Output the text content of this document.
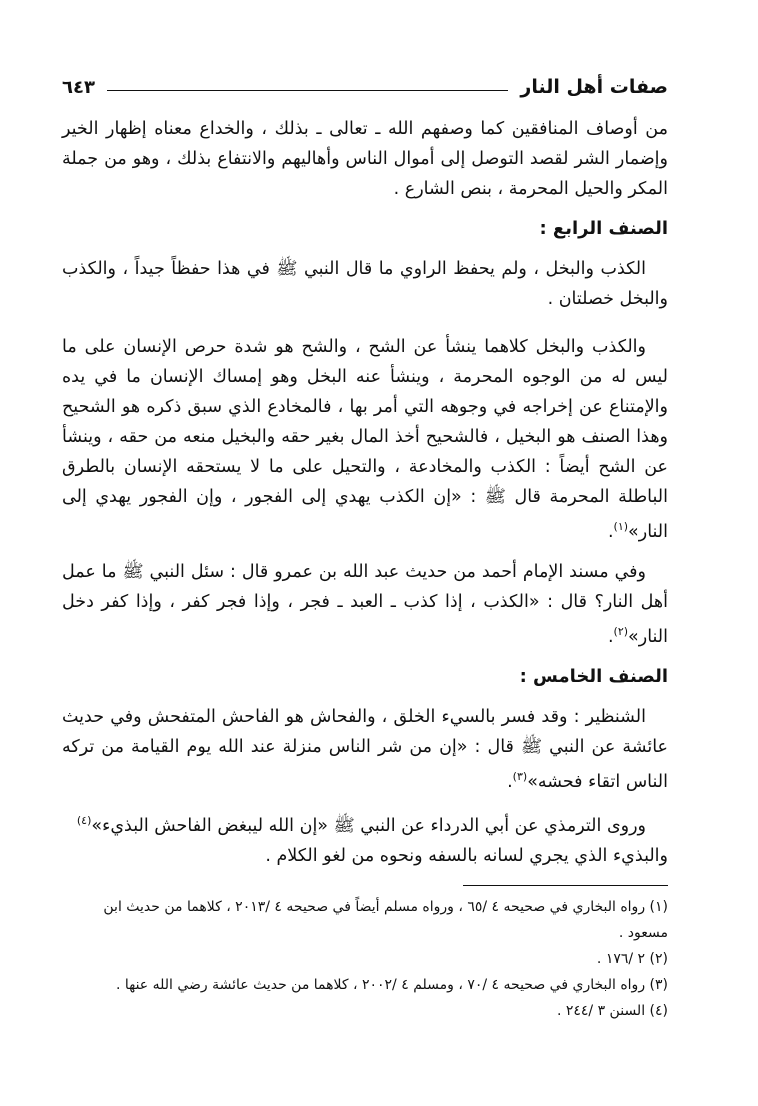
صفات أهل النار
٦٤٣

من أوصاف المنافقين كما وصفهم الله ـ تعالى ـ بذلك ، والخداع معناه إظهار الخير وإضمار الشر لقصد التوصل إلى أموال الناس وأهاليهم والانتفاع بذلك ، وهو من جملة المكر والحيل المحرمة ، بنص الشارع .

الصنف الرابع :

الكذب والبخل ، ولم يحفظ الراوي ما قال النبي ﷺ في هذا حفظاً جيداً ، والكذب والبخل خصلتان .

والكذب والبخل كلاهما ينشأ عن الشح ، والشح هو شدة حرص الإنسان على ما ليس له من الوجوه المحرمة ، وينشأ عنه البخل وهو إمساك الإنسان ما في يده والإمتناع عن إخراجه في وجوهه التي أمر بها ، فالمخادع الذي سبق ذكره هو الشحيح وهذا الصنف هو البخيل ، فالشحيح أخذ المال بغير حقه والبخيل منعه من حقه ، وينشأ عن الشح أيضاً : الكذب والمخادعة ، والتحيل على ما لا يستحقه الإنسان بالطرق الباطلة المحرمة قال ﷺ : «إن الكذب يهدي إلى الفجور ، وإن الفجور يهدي إلى النار»$^{(١)}$.

وفي مسند الإمام أحمد من حديث عبد الله بن عمرو قال : سئل النبي ﷺ ما عمل أهل النار؟ قال : «الكذب ، إذا كذب ـ العبد ـ فجر ، وإذا فجر كفر ، وإذا كفر دخل النار»$^{(٢)}$.

الصنف الخامس :

الشنظير : وقد فسر بالسيء الخلق ، والفحاش هو الفاحش المتفحش وفي حديث عائشة عن النبي ﷺ قال : «إن من شر الناس منزلة عند الله يوم القيامة من تركه الناس اتقاء فحشه»$^{(٣)}$.

وروى الترمذي عن أبي الدرداء عن النبي ﷺ «إن الله ليبغض الفاحش البذيء»$^{(٤)}$

والبذيء الذي يجري لسانه بالسفه ونحوه من لغو الكلام .

(١) رواه البخاري في صحيحه ٤ /٦٥ ، ورواه مسلم أيضاً في صحيحه ٤ /٢٠١٣ ، كلاهما من حديث ابن مسعود .

(٢) ٢ /١٧٦ .

(٣) رواه البخاري في صحيحه ٤ /٧٠ ، ومسلم ٤ /٢٠٠٢ ، كلاهما من حديث عائشة رضي الله عنها .

(٤) السنن ٣ /٢٤٤ .
